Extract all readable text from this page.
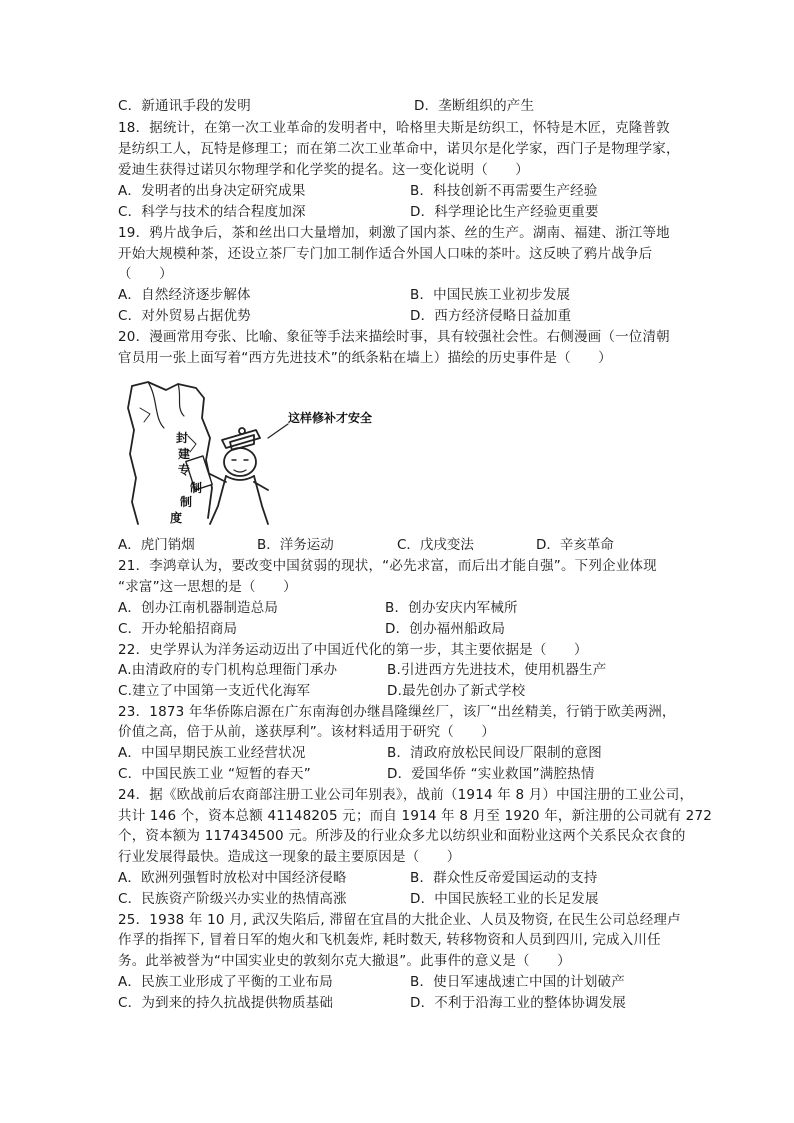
C．新通讯手段的发明	D．垄断组织的产生
18．据统计，在第一次工业革命的发明者中，哈格里夫斯是纺织工，怀特是木匠，克隆普敦
是纺织工人，瓦特是修理工；而在第二次工业革命中，诺贝尔是化学家，西门子是物理学家，
爱迪生获得过诺贝尔物理学和化学奖的提名。这一变化说明（　　）
A．发明者的出身决定研究成果	B．科技创新不再需要生产经验
C．科学与技术的结合程度加深	D．科学理论比生产经验更重要
19．鸦片战争后，茶和丝出口大量增加，刺激了国内茶、丝的生产。湖南、福建、浙江等地
开始大规模种茶，还设立茶厂专门加工制作适合外国人口味的茶叶。这反映了鸦片战争后
（　　）
A．自然经济逐步解体	B．中国民族工业初步发展
C．对外贸易占据优势	D．西方经济侵略日益加重
20．漫画常用夸张、比喻、象征等手法来描绘时事，具有较强社会性。右侧漫画（一位清朝
官员用一张上面写着“西方先进技术”的纸条粘在墙上）描绘的历史事件是（　　）
这样修补才安全
封
建
专
制
制
度
A．虎门销烟	B．洋务运动	C．戊戌变法	D．辛亥革命
21．李鸿章认为，要改变中国贫弱的现状，“必先求富，而后出才能自强”。下列企业体现
“求富”这一思想的是（　　）
A．创办江南机器制造总局	B．创办安庆内军械所
C．开办轮船招商局	D．创办福州船政局
22．史学界认为洋务运动迈出了中国近代化的第一步，其主要依据是（　　）
A.由清政府的专门机构总理衙门承办	B.引进西方先进技术，使用机器生产
C.建立了中国第一支近代化海军	D.最先创办了新式学校
23．1873 年华侨陈启源在广东南海创办继昌隆缫丝厂，该厂“出丝精美，行销于欧美两洲，
价值之高，倍于从前，遂获厚利”。该材料适用于研究（　　）
A．中国早期民族工业经营状况	B．清政府放松民间设厂限制的意图
C．中国民族工业 “短暂的春天”	D．爱国华侨 “实业救国”满腔热情
24．据《欧战前后农商部注册工业公司年别表》，战前（1914 年 8 月）中国注册的工业公司，
共计 146 个，资本总额 41148205 元；而自 1914 年 8 月至 1920 年，新注册的公司就有 272
个，资本额为 117434500 元。所涉及的行业众多尤以纺织业和面粉业这两个关系民众衣食的
行业发展得最快。造成这一现象的最主要原因是（　　）
A．欧洲列强暂时放松对中国经济侵略	B．群众性反帝爱国运动的支持
C．民族资产阶级兴办实业的热情高涨	D．中国民族轻工业的长足发展
25．1938 年 10 月, 武汉失陷后, 滞留在宜昌的大批企业、人员及物资, 在民生公司总经理卢
作孚的指挥下, 冒着日军的炮火和飞机轰炸, 耗时数天, 转移物资和人员到四川, 完成入川任
务。此举被誉为“中国实业史的敦刻尔克大撤退”。此事件的意义是（　　）
A．民族工业形成了平衡的工业布局	B．使日军速战速亡中国的计划破产
C．为到来的持久抗战提供物质基础	D．不利于沿海工业的整体协调发展
